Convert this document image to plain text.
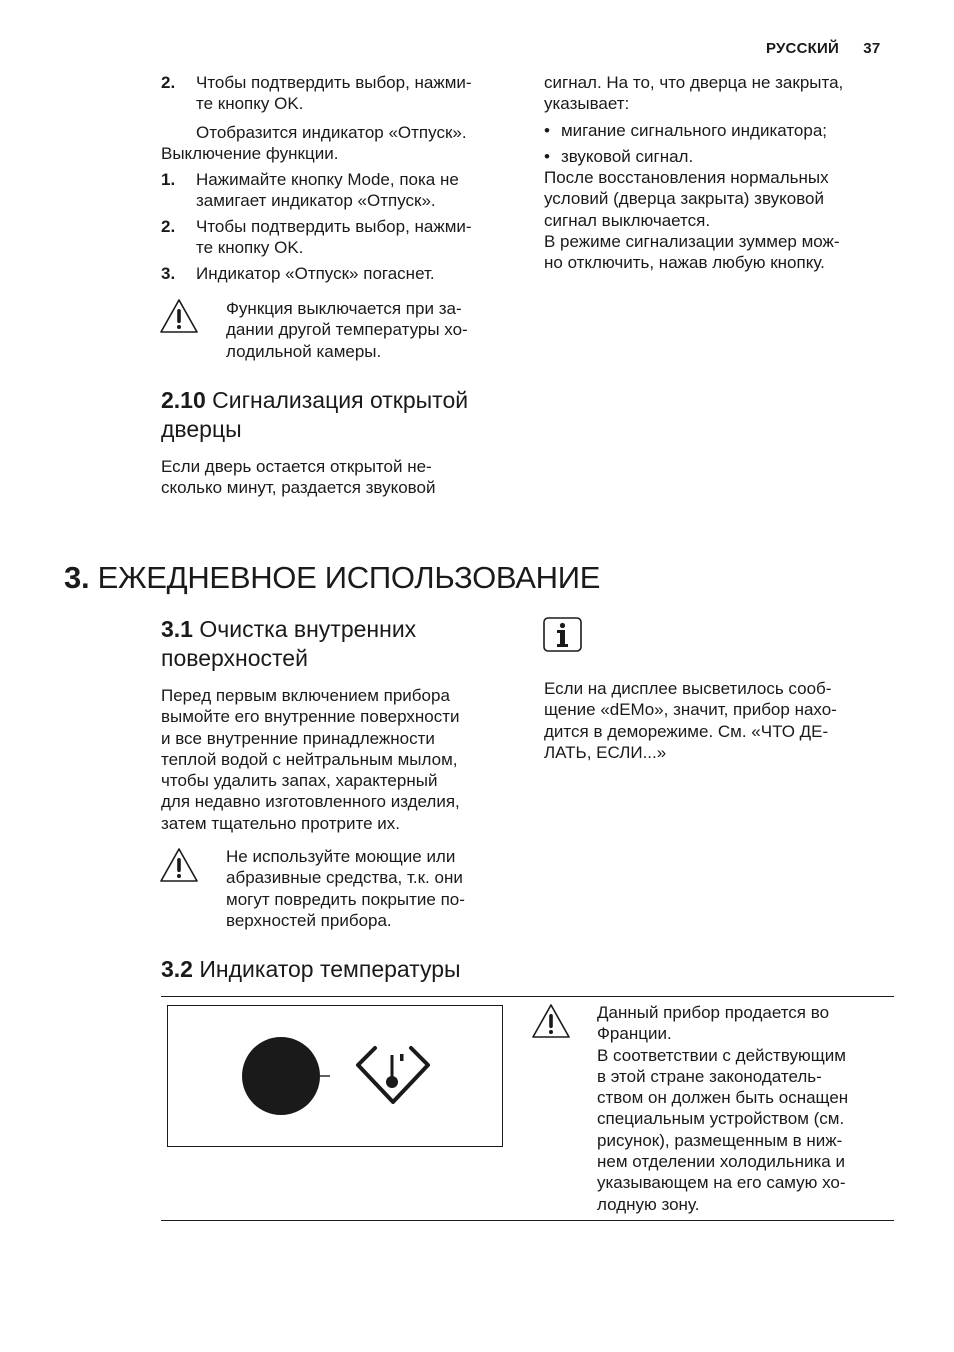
РУССКИЙ 37
2. Чтобы подтвердить выбор, нажми-
те кнопку OK.
Отобразится индикатор «Отпуск».
Выключение функции.
1. Нажимайте кнопку Mode, пока не
замигает индикатор «Отпуск».
2. Чтобы подтвердить выбор, нажми-
те кнопку OK.
3. Индикатор «Отпуск» погаснет.
Функция выключается при за-
дании другой температуры хо-
лодильной камеры.
2.10 Сигнализация открытой
дверцы
Если дверь остается открытой не-
сколько минут, раздается звуковой
сигнал. На то, что дверца не закрыта,
указывает:
• мигание сигнального индикатора;
• звуковой сигнал.
После восстановления нормальных
условий (дверца закрыта) звуковой
сигнал выключается.
В режиме сигнализации зуммер мож-
но отключить, нажав любую кнопку.
3. ЕЖЕДНЕВНОЕ ИСПОЛЬЗОВАНИЕ
3.1 Очистка внутренних
поверхностей
Перед первым включением прибора
вымойте его внутренние поверхности
и все внутренние принадлежности
теплой водой с нейтральным мылом,
чтобы удалить запах, характерный
для недавно изготовленного изделия,
затем тщательно протрите их.
Не используйте моющие или
абразивные средства, т.к. они
могут повредить покрытие по-
верхностей прибора.
Если на дисплее высветилось сооб-
щение «dEMo», значит, прибор нахо-
дится в деморежиме. См. «ЧТО ДЕ-
ЛАТЬ, ЕСЛИ...»
3.2 Индикатор температуры
Данный прибор продается во
Франции.
В соответствии с действующим
в этой стране законодатель-
ством он должен быть оснащен
специальным устройством (см.
рисунок), размещенным в ниж-
нем отделении холодильника и
указывающем на его самую хо-
лодную зону.
